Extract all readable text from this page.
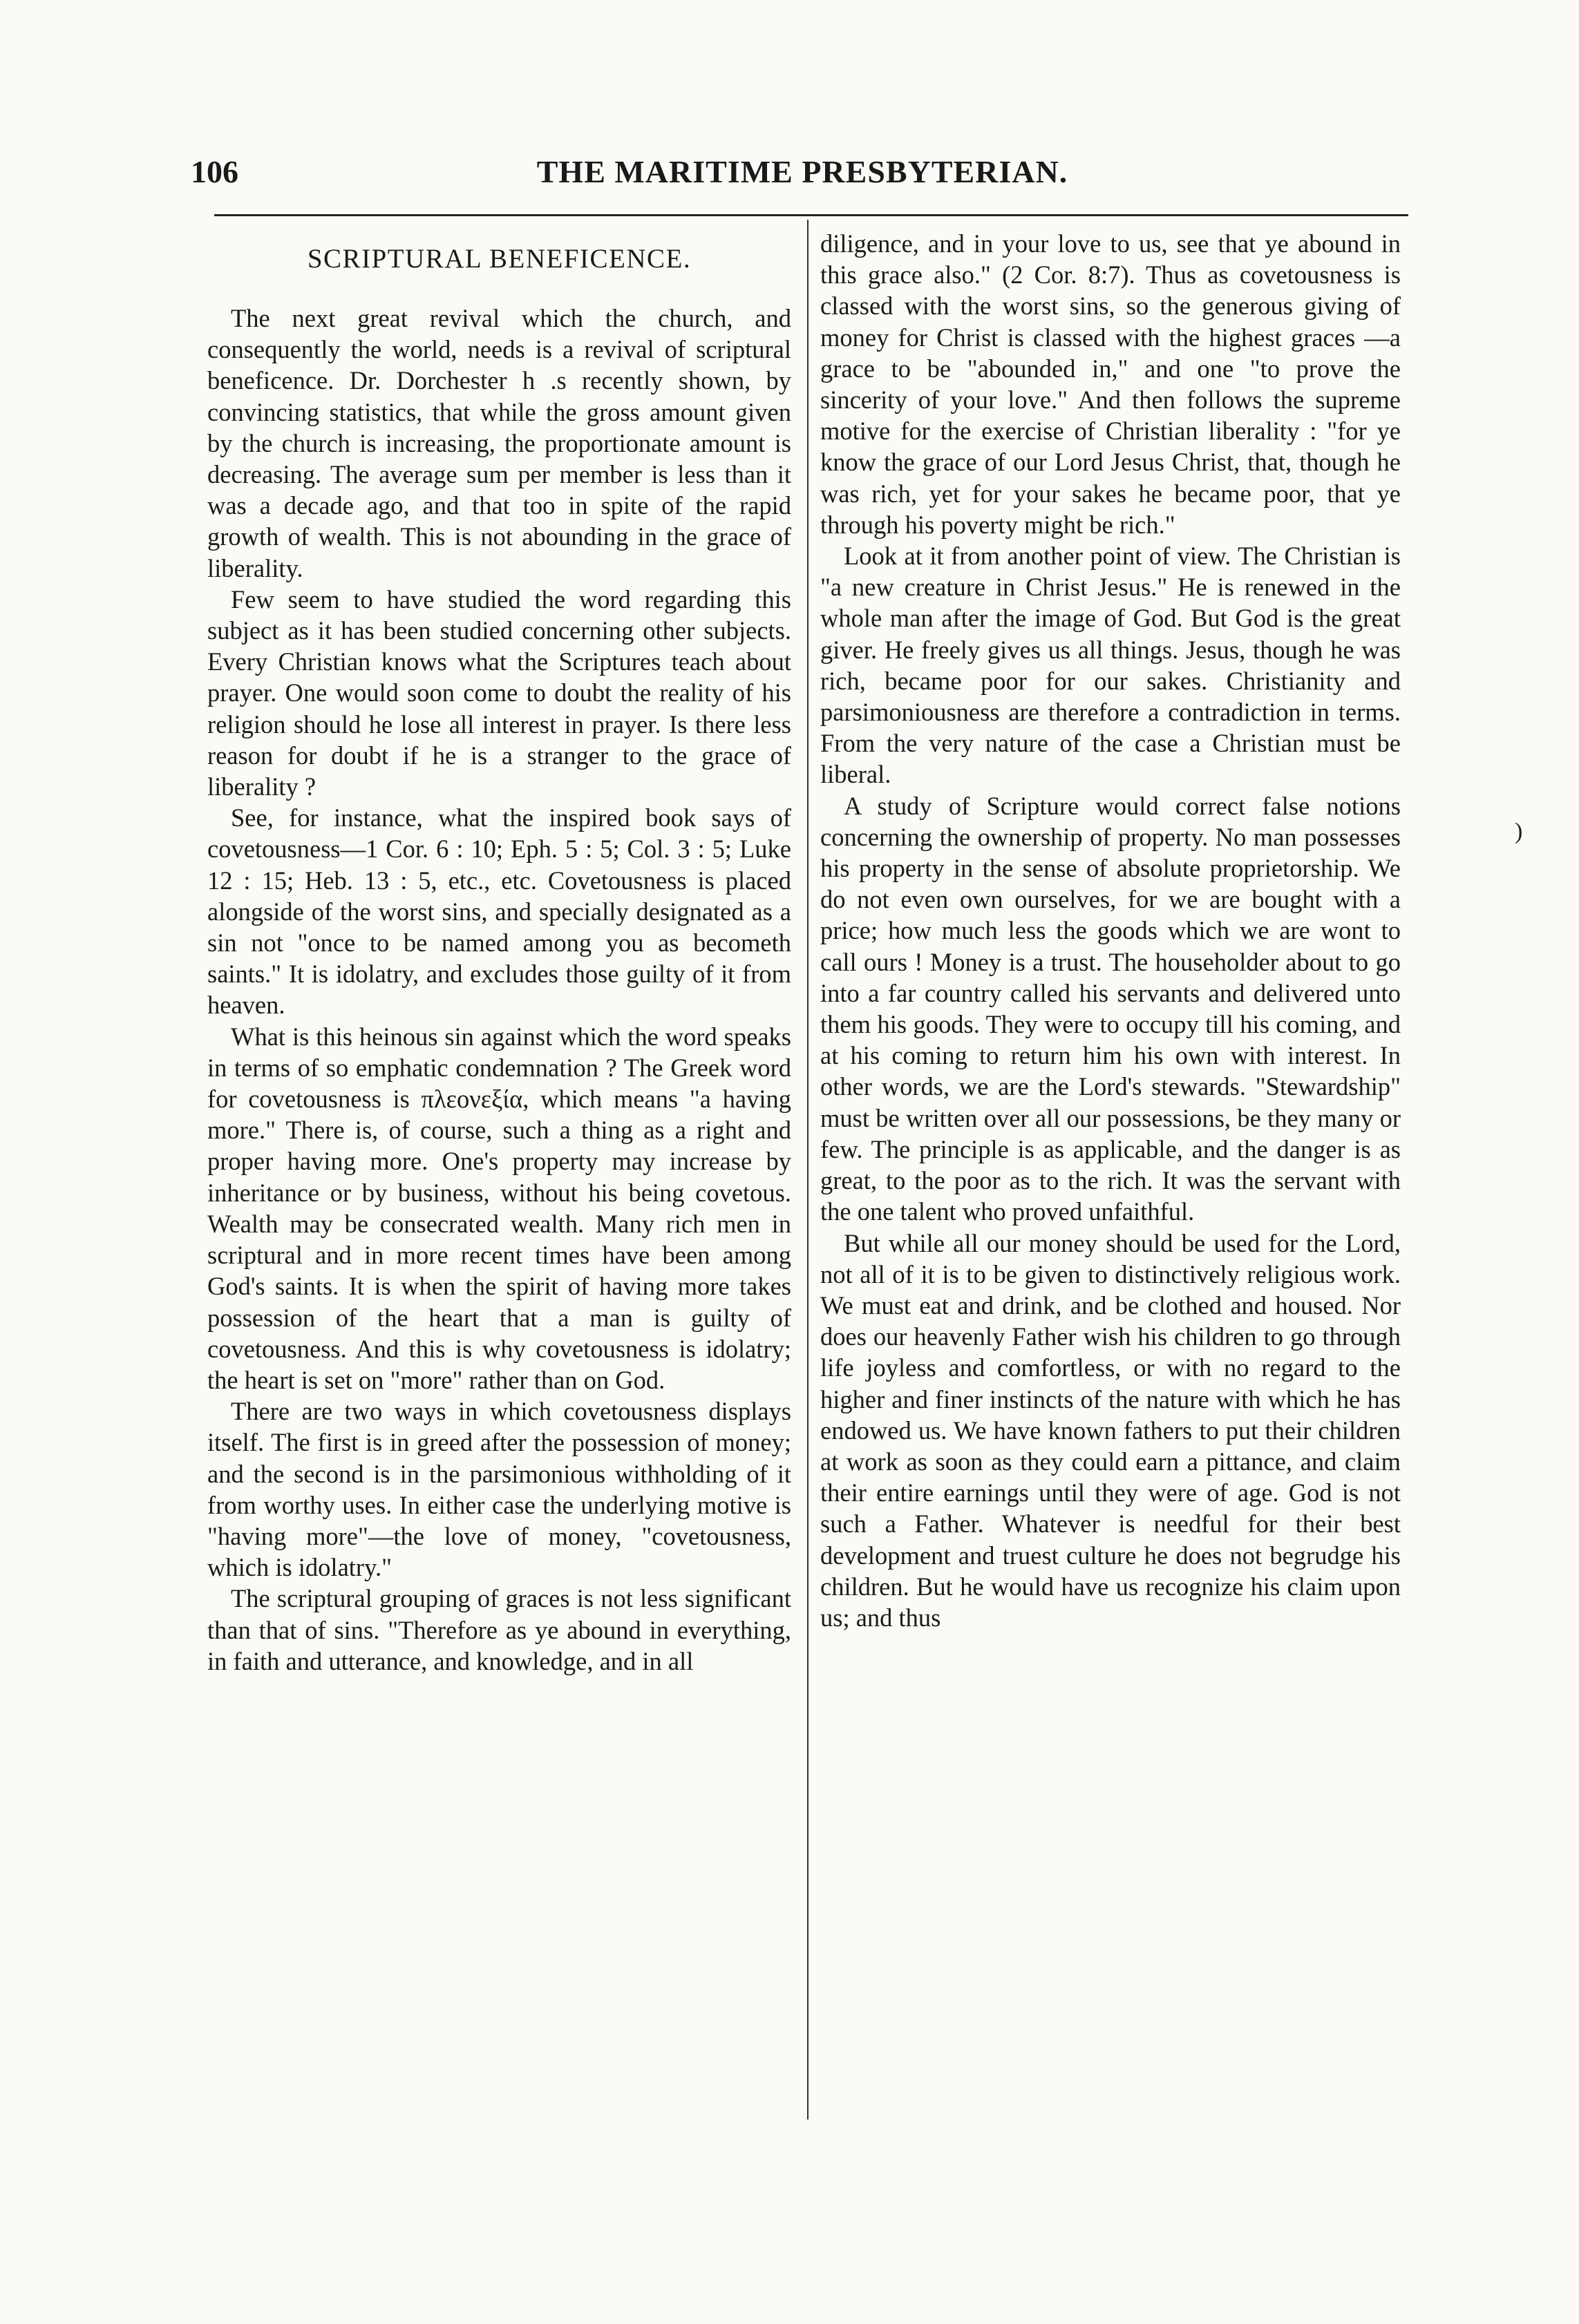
106	THE MARITIME PRESBYTERIAN.
SCRIPTURAL BENEFICENCE.

The next great revival which the church, and consequently the world, needs is a revival of scriptural beneficence. Dr. Dorchester h .s recently shown, by convincing statistics, that while the gross amount given by the church is increasing, the proportionate amount is decreasing. The average sum per member is less than it was a decade ago, and that too in spite of the rapid growth of wealth. This is not abounding in the grace of liberality.

Few seem to have studied the word regarding this subject as it has been studied concerning other subjects. Every Christian knows what the Scriptures teach about prayer. One would soon come to doubt the reality of his religion should he lose all interest in prayer. Is there less reason for doubt if he is a stranger to the grace of liberality ?

See, for instance, what the inspired book says of covetousness—1 Cor. 6 : 10; Eph. 5 : 5; Col. 3 : 5; Luke 12 : 15; Heb. 13 : 5, etc., etc. Covetousness is placed alongside of the worst sins, and specially designated as a sin not "once to be named among you as becometh saints." It is idolatry, and excludes those guilty of it from heaven.

What is this heinous sin against which the word speaks in terms of so emphatic condemnation ? The Greek word for covetousness is πλεονεξία, which means "a having more." There is, of course, such a thing as a right and proper having more. One's property may increase by inheritance or by business, without his being covetous. Wealth may be consecrated wealth. Many rich men in scriptural and in more recent times have been among God's saints. It is when the spirit of having more takes possession of the heart that a man is guilty of covetousness. And this is why covetousness is idolatry; the heart is set on "more" rather than on God.

There are two ways in which covetousness displays itself. The first is in greed after the possession of money; and the second is in the parsimonious withholding of it from worthy uses. In either case the underlying motive is "having more"—the love of money, "covetousness, which is idolatry."

The scriptural grouping of graces is not less significant than that of sins. "Therefore as ye abound in everything, in faith and utterance, and knowledge, and in all

diligence, and in your love to us, see that ye abound in this grace also." (2 Cor. 8:7). Thus as covetousness is classed with the worst sins, so the generous giving of money for Christ is classed with the highest graces —a grace to be "abounded in," and one "to prove the sincerity of your love." And then follows the supreme motive for the exercise of Christian liberality : "for ye know the grace of our Lord Jesus Christ, that, though he was rich, yet for your sakes he became poor, that ye through his poverty might be rich."

Look at it from another point of view. The Christian is "a new creature in Christ Jesus." He is renewed in the whole man after the image of God. But God is the great giver. He freely gives us all things. Jesus, though he was rich, became poor for our sakes. Christianity and parsimoniousness are therefore a contradiction in terms. From the very nature of the case a Christian must be liberal.

A study of Scripture would correct false notions concerning the ownership of property. No man possesses his property in the sense of absolute proprietorship. We do not even own ourselves, for we are bought with a price; how much less the goods which we are wont to call ours ! Money is a trust. The householder about to go into a far country called his servants and delivered unto them his goods. They were to occupy till his coming, and at his coming to return him his own with interest. In other words, we are the Lord's stewards. "Stewardship" must be written over all our possessions, be they many or few. The principle is as applicable, and the danger is as great, to the poor as to the rich. It was the servant with the one talent who proved unfaithful.

But while all our money should be used for the Lord, not all of it is to be given to distinctively religious work. We must eat and drink, and be clothed and housed. Nor does our heavenly Father wish his children to go through life joyless and comfortless, or with no regard to the higher and finer instincts of the nature with which he has endowed us. We have known fathers to put their children at work as soon as they could earn a pittance, and claim their entire earnings until they were of age. God is not such a Father. Whatever is needful for their best development and truest culture he does not begrudge his children. But he would have us recognize his claim upon us; and thus

)
